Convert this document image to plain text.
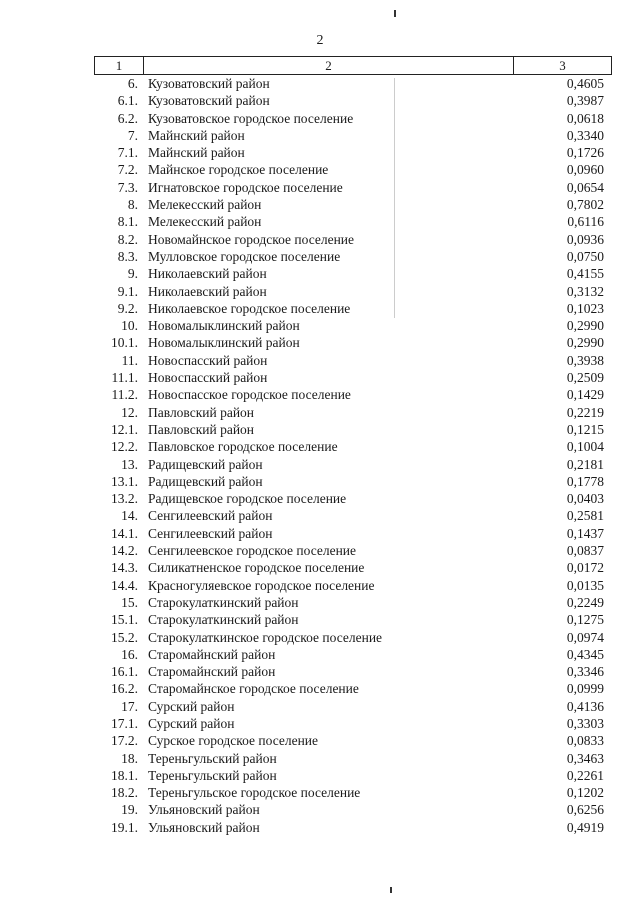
2
1	2	3
6. Кузоватовский район	0,4605
6.1. Кузоватовский район	0,3987
6.2. Кузоватовское городское поселение	0,0618
7. Майнский район	0,3340
7.1. Майнский район	0,1726
7.2. Майнское городское поселение	0,0960
7.3. Игнатовское городское поселение	0,0654
8. Мелекесский район	0,7802
8.1. Мелекесский район	0,6116
8.2. Новомайнское городское поселение	0,0936
8.3. Мулловское городское поселение	0,0750
9. Николаевский район	0,4155
9.1. Николаевский район	0,3132
9.2. Николаевское городское поселение	0,1023
10. Новомалыклинский район	0,2990
10.1. Новомалыклинский район	0,2990
11. Новоспасский район	0,3938
11.1. Новоспасский район	0,2509
11.2. Новоспасское городское поселение	0,1429
12. Павловский район	0,2219
12.1. Павловский район	0,1215
12.2. Павловское городское поселение	0,1004
13. Радищевский район	0,2181
13.1. Радищевский район	0,1778
13.2. Радищевское городское поселение	0,0403
14. Сенгилеевский район	0,2581
14.1. Сенгилеевский район	0,1437
14.2. Сенгилеевское городское поселение	0,0837
14.3. Силикатненское городское поселение	0,0172
14.4. Красногуляевское городское поселение	0,0135
15. Старокулаткинский район	0,2249
15.1. Старокулаткинский район	0,1275
15.2. Старокулаткинское городское поселение	0,0974
16. Старомайнский район	0,4345
16.1. Старомайнский район	0,3346
16.2. Старомайнское городское поселение	0,0999
17. Сурский район	0,4136
17.1. Сурский район	0,3303
17.2. Сурское городское поселение	0,0833
18. Тереньгульский район	0,3463
18.1. Тереньгульский район	0,2261
18.2. Тереньгульское городское поселение	0,1202
19. Ульяновский район	0,6256
19.1. Ульяновский район	0,4919
